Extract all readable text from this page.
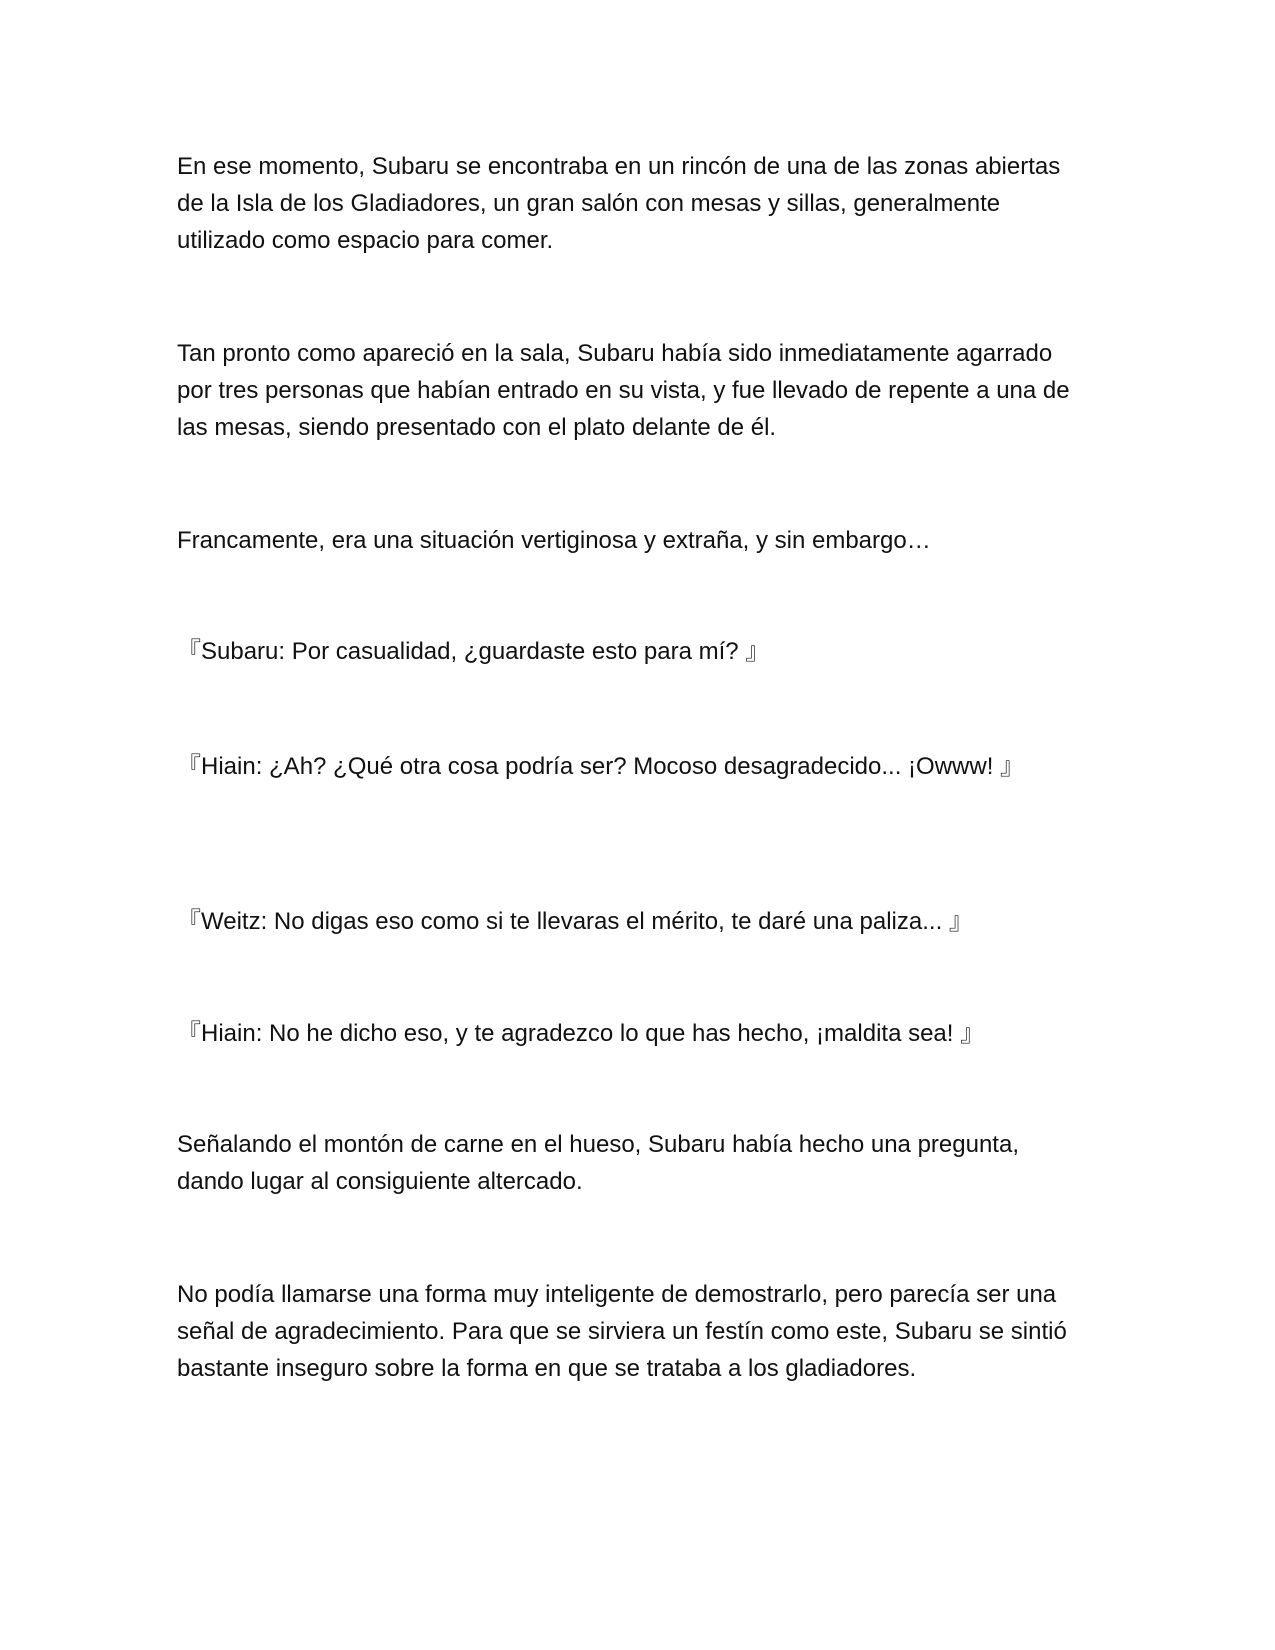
En ese momento, Subaru se encontraba en un rincón de una de las zonas abiertas de la Isla de los Gladiadores, un gran salón con mesas y sillas, generalmente utilizado como espacio para comer.

Tan pronto como apareció en la sala, Subaru había sido inmediatamente agarrado por tres personas que habían entrado en su vista, y fue llevado de repente a una de las mesas, siendo presentado con el plato delante de él.

Francamente, era una situación vertiginosa y extraña, y sin embargo…

『Subaru: Por casualidad, ¿guardaste esto para mí? 』

『Hiain: ¿Ah? ¿Qué otra cosa podría ser? Mocoso desagradecido... ¡Owww! 』

『Weitz: No digas eso como si te llevaras el mérito, te daré una paliza... 』

『Hiain: No he dicho eso, y te agradezco lo que has hecho, ¡maldita sea! 』

Señalando el montón de carne en el hueso, Subaru había hecho una pregunta, dando lugar al consiguiente altercado.

No podía llamarse una forma muy inteligente de demostrarlo, pero parecía ser una señal de agradecimiento. Para que se sirviera un festín como este, Subaru se sintió bastante inseguro sobre la forma en que se trataba a los gladiadores.
